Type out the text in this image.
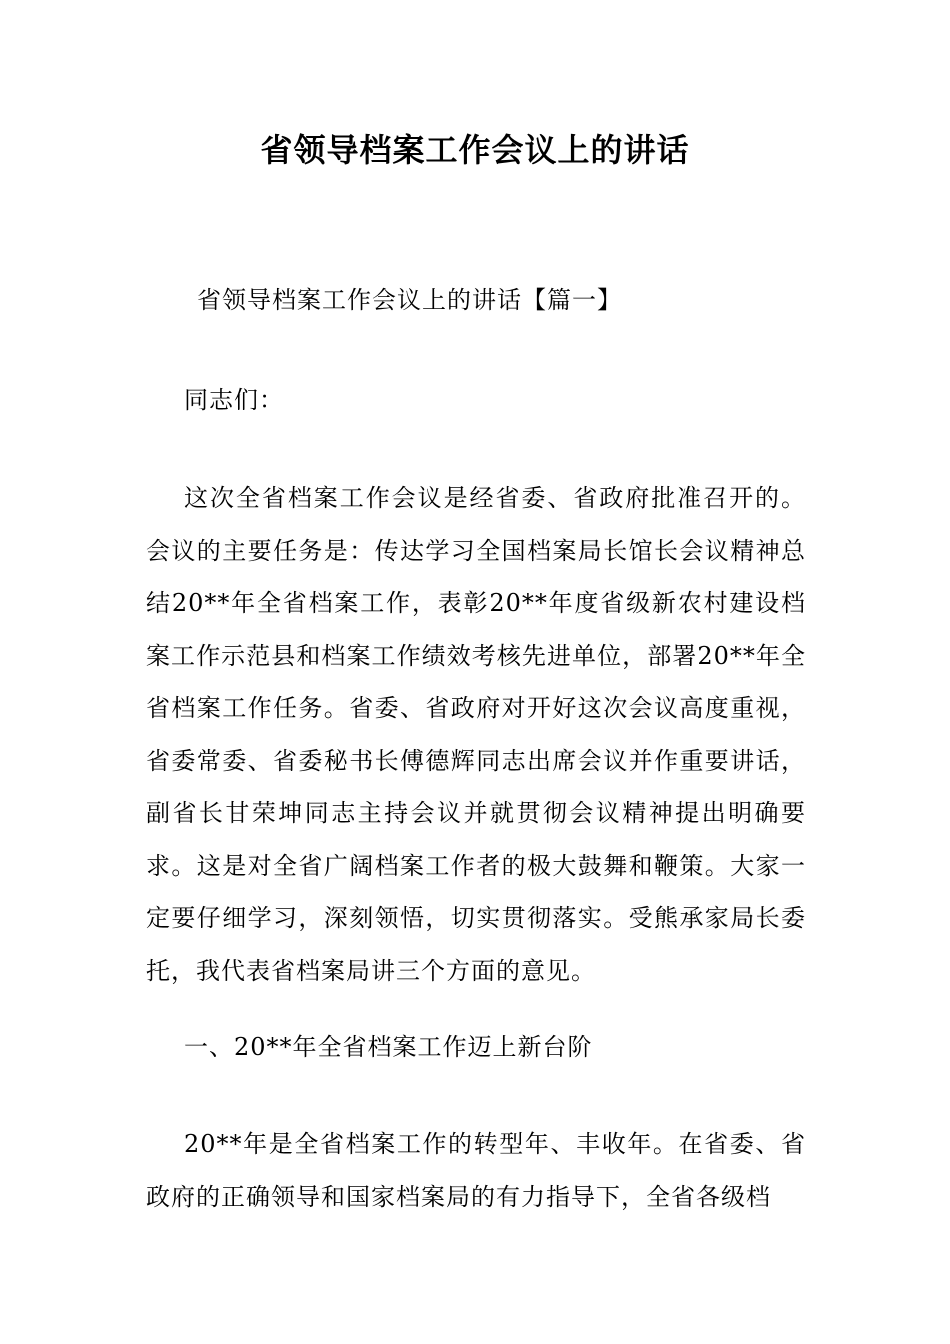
省领导档案工作会议上的讲话

省领导档案工作会议上的讲话【篇一】

同志们：

这次全省档案工作会议是经省委、省政府批准召开的。会议的主要任务是：传达学习全国档案局长馆长会议精神总结20**年全省档案工作，表彰20**年度省级新农村建设档案工作示范县和档案工作绩效考核先进单位，部署20**年全省档案工作任务。省委、省政府对开好这次会议高度重视，省委常委、省委秘书长傅德辉同志出席会议并作重要讲话，副省长甘荣坤同志主持会议并就贯彻会议精神提出明确要求。这是对全省广阔档案工作者的极大鼓舞和鞭策。大家一定要仔细学习，深刻领悟，切实贯彻落实。受熊承家局长委托，我代表省档案局讲三个方面的意见。

一、20**年全省档案工作迈上新台阶

20**年是全省档案工作的转型年、丰收年。在省委、省政府的正确领导和国家档案局的有力指导下，全省各级档
